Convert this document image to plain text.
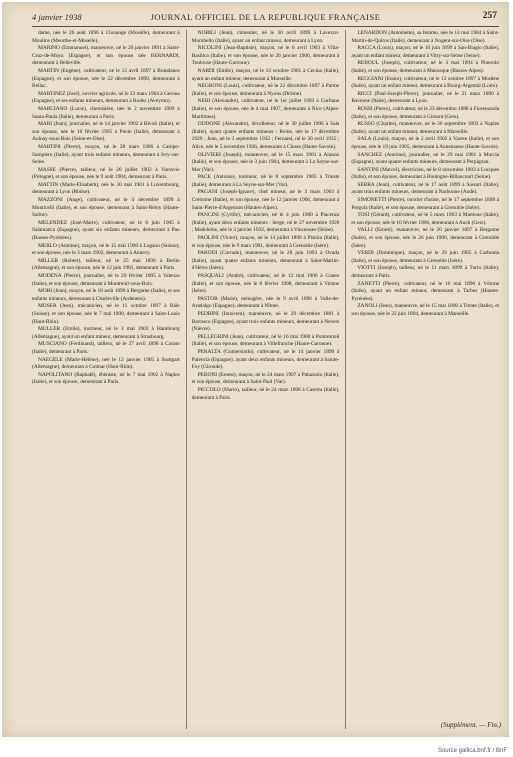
4 janvier 1938	JOURNAL OFFICIEL DE LA REPUBLIQUE FRANÇAISE	257

dame, née le 26 août 1896 à Clouange (Moselle), demeurant à Moulins (Meurthe-et-Moselle).

MARINO (Emmanuel), manœuvre, né le 26 janvier 1891 à Saint-Cruz-de-Moya (Espagne), et son épouse née BERNARDI, demeurant à Belleville.

MARTIN (Eugène), cultivateur, né le 12 avril 1897 à Brandanes (Espagne), et son épouse, née le 22 décembre 1899, demeurant à Bellac.

MARTINEZ (José), ouvrier agricole, né le 23 mars 1904 à Gerona (Espagne), et ses enfants mineurs, demeurant à Rodez (Aveyron).

MARCIANO (Lucie), chemisière, née le 2 novembre 1909 à Santa-Paula (Italie), demeurant à Paris.

MARI (Jean), journalier, né le 14 janvier 1902 à Rivoli (Italie), et son épouse, née le 10 février 1905 à Pavie (Italie), demeurant à Aulnay-sous-Bois (Seine-et-Oise).

MARTINI (Pierre), maçon, né le 28 mars 1906 à Campo-Sampiero (Italie), ayant trois enfants mineurs, demeurant à Ivry-sur-Seine.

MASSE (Pierre), tailleur, né le 26 juillet 1902 à Varsovie (Pologne), et son épouse, née le 9 août 1904, demeurant à Paris.

MATTIN (Marie-Elisabeth), née le 30 mai 1901 à Luxembourg, demeurant à Lyon (Rhône).

MAZZONI (Ange), cultivateur, né le 4 décembre 1899 à Monticelli (Italie), et son épouse, demeurant à Saint-Rémy (Haute-Saône).

MELENDEZ (José-Marie), cultivateur, né le 6 juin 1905 à Salamanca (Espagne), ayant six enfants mineurs, demeurant à Pau (Basses-Pyrénées).

MERLO (Antoine), maçon, né le 15 mai 1900 à Lugano (Suisse), et son épouse, née le 3 mars 1902, demeurant à Annecy.

MILLER (Robert), tailleur, né le 25 mai 1898 à Berlin (Allemagne), et son épouse, née le 12 juin 1901, demeurant à Paris.

MODENA (Pierre), journalier, né le 20 février 1895 à Valenza (Italie), et son épouse, demeurant à Montreuil-sous-Bois.

MORI (Jean), maçon, né le 18 août 1899 à Bergame (Italie), et ses enfants mineurs, demeurant à Charleville (Ardennes).

MOSER (Jean), mécanicien, né le 11 octobre 1897 à Bâle (Suisse), et son épouse, née le 7 mai 1900, demeurant à Saint-Louis (Haut-Rhin).

MULLER (Emile), tourneur, né le 3 mai 1903 à Hambourg (Allemagne), ayant un enfant mineur, demeurant à Strasbourg.

MUSCIANO (Ferdinand), tailleur, né le 27 avril 1898 à Corato (Italie), demeurant à Paris.

NAEGELE (Marie-Hélène), née le 12 janvier 1905 à Stuttgart (Allemagne), demeurant à Colmar (Haut-Rhin).

NAPOLITANO (Raphaël), ébéniste, né le 7 mai 1902 à Naples (Italie), et son épouse, demeurant à Paris.

NOBILI (Jean), cimentier, né le 30 avril 1899 à Lavezzo-Mombello (Italie), ayant un enfant mineur, demeurant à Lyon.

NICOLINI (Jean-Baptiste), maçon, né le 6 avril 1903 à Villa-Basilica (Italie), et son épouse, née le 26 janvier 1906, demeurant à Toulouse (Haute-Garonne).

NARDI (Emile), maçon, né le 13 octobre 1901 à Cecina (Italie), ayant un enfant mineur, demeurant à Marseille.

NEGRONI (Louis), cultivateur, né le 22 décembre 1897 à Parme (Italie), et son épouse, demeurant à Nyons (Drôme).

NERI (Alexandre), cultivateur, né le 1er juillet 1903 à Corliano (Italie), et son épouse, née le 4 mai 1907, demeurant à Nice (Alpes-Maritimes).

ODDONE (Alexandre), décolleteur, né le 30 juillet 1906 à Sala (Italie), ayant quatre enfants mineurs : Reine, née le 17 décembre 1929 ; Jean, né le 3 septembre 1932 ; Fernand, né le 30 avril 1935 ; Alice, née le 5 novembre 1936, demeurant à Cluses (Haute-Savoie).

OLIVIERI (Joseph), manœuvre, né le 15 mars 1901 à Alassio (Italie), et son épouse, née le 3 juin 1904, demeurant à La Seyne-sur-Mer (Var).

PACE (Antoine), tourneur, né le 8 septembre 1905 à Trieste (Italie), demeurant à La Seyne-sur-Mer (Var).

PAGANI (Joseph-Ignace), chef mineur, né le 3 mars 1903 à Crémone (Italie), et son épouse, née le 12 janvier 1906, demeurant à Saint-Pierre-d'Argenson (Hautes-Alpes).

PANCINI (Cyrille), mécanicien, né le 4 juin 1900 à Piacenza (Italie), ayant deux enfants mineurs : Serge, né le 27 novembre 1928 ; Madeleine, née le 3 janvier 1932, demeurant à Vincennes (Seine).

PAOLINI (Victor), maçon, né le 14 juillet 1898 à Pistoia (Italie), et son épouse, née le 9 mars 1901, demeurant à Grenoble (Isère).

PARODI (Corrado), manœuvre, né le 28 juin 1893 à Ovada (Italie), ayant quatre enfants mineurs, demeurant à Saint-Martin-d'Hères (Isère).

PASQUALI (André), cultivateur, né le 12 mai 1906 à Cuneo (Italie), et son épouse, née le 8 février 1908, demeurant à Vienne (Isère).

PASTOR (Marie), ménagère, née le 9 avril 1896 à Valle-de-Aradalgo (Espagne), demeurant à Nîmes.

PEDRINI (Innocent), manœuvre, né le 29 décembre 1881 à Barrasco (Espagne), ayant trois enfants mineurs, demeurant à Nevers (Nièvre).

PELLEGRINI (Jean), cultivateur, né le 16 mai 1900 à Pontremoli (Italie), et son épouse, demeurant à Villefranche (Haute-Garonne).

PERALTA (Gumersindo), cultivateur, né le 14 janvier 1899 à Palencia (Espagne), ayant deux enfants mineurs, demeurant à Sainte-Foy (Gironde).

PERONI (Ernest), maçon, né le 24 mars 1907 à Palazzolo (Italie), et son épouse, demeurant à Saint-Paul (Var).

PICCOLO (Mario), tailleur, né le 24 mars 1898 à Caserta (Italie), demeurant à Paris.

LENARDON (Antoinette), sa femme, née le 14 mai 1904 à Saint-Martin-de-Quiros (Italie), demeurant à Nogent-sur-Oise (Oise).

RACCA (Louis), maçon, né le 10 juin 1899 à San-Biagio (Italie), ayant un enfant mineur, demeurant à Vitry-sur-Seine (Seine).

REBOUL (Joseph), cultivateur, né le 3 mai 1894 à Pinerolo (Italie), et son épouse, demeurant à Manosque (Basses-Alpes).

REGGIANI (Ennio), cultivateur, né le 12 octobre 1897 à Modène (Italie), ayant un enfant mineur, demeurant à Bourg-Argental (Loire).

RICCI (Paul-Joseph-Pierre), journalier, né le 21 mars 1890 à Ravenne (Italie), demeurant à Lyon.

ROSSI (Pietro), cultivateur, né le 23 décembre 1888 à Fiorenzuola (Italie), et son épouse, demeurant à Gimont (Gers).

RUSSO (Charles), manœuvre, né le 30 septembre 1893 à Naples (Italie), ayant un enfant mineur, demeurant à Marseille.

SALA (Louis), maçon, né le 2 avril 1902 à Varese (Italie), et son épouse, née le 19 juin 1905, demeurant à Annemasse (Haute-Savoie).

SANCHEZ (Antoine), journalier, né le 29 mai 1901 à Murcia (Espagne), ayant quatre enfants mineurs, demeurant à Perpignan.

SANTINI (Marcel), électricien, né le 8 novembre 1903 à Lucques (Italie), et son épouse, demeurant à Boulogne-Billancourt (Seine).

SERRA (Jean), cultivateur, né le 17 août 1899 à Sassari (Italie), ayant trois enfants mineurs, demeurant à Narbonne (Aude).

SIMONETTI (Pierre), ouvrier d'usine, né le 17 septembre 1898 à Pergola (Italie), et son épouse, demeurant à Grenoble (Isère).

TOSI (Gérard), cultivateur, né le 5 mars 1903 à Mantoue (Italie), et son épouse, née le 10 février 1906, demeurant à Auch (Gers).

VALLI (Ernest), manœuvre, né le 20 janvier 1897 à Bergame (Italie), et son épouse, née le 26 juin 1900, demeurant à Grenoble (Isère).

VERDI (Dominique), maçon, né le 29 juin 1905 à Carbonia (Italie), et son épouse, demeurant à Grenoble (Isère).

VIOTTI (Joseph), tailleur, né le 11 mars 1899 à Turin (Italie), demeurant à Paris.

ZANETTI (Pierre), cultivateur, né le 16 mai 1896 à Vérone (Italie), ayant un enfant mineur, demeurant à Tarbes (Hautes-Pyrénées).

ZANOLI (Jean), manœuvre, né le 15 mai 1890 à Trente (Italie), et son épouse, née le 22 juin 1894, demeurant à Marseille.

(Supplément. — Fin.)
Source gallica.bnf.fr / BnF
